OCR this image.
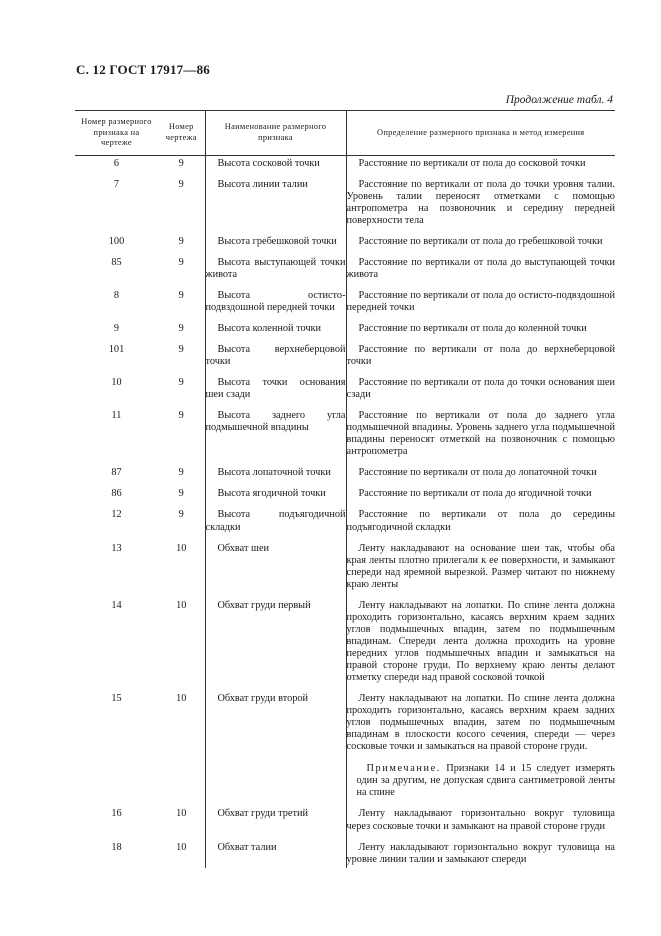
С. 12 ГОСТ 17917—86
Продолжение табл. 4
Номер размерного признака на чертеже	Номер чертежа	Наименование размерного признака	Определение размерного признака и метод измерения
6	9	Высота сосковой точки	Расстояние по вертикали от пола до сосковой точки

7	9	Высота линии талии	Расстояние по вертикали от пола до точки уровня талии. Уровень талии переносят отметками с помощью антропометра на позвоночник и середину передней поверхности тела

100	9	Высота гребешковой точки	Расстояние по вертикали от пола до гребешковой точки

85	9	Высота выступающей точки живота	Расстояние по вертикали от пола до выступающей точки живота

8	9	Высота остисто-подвздошной передней точки	Расстояние по вертикали от пола до остисто-подвздошной передней точки

9	9	Высота коленной точки	Расстояние по вертикали от пола до коленной точки

101	9	Высота верхнеберцовой точки	Расстояние по вертикали от пола до верхнеберцовой точки

10	9	Высота точки основания шеи сзади	Расстояние по вертикали от пола до точки основания шеи сзади

11	9	Высота заднего угла подмышечной впадины	Расстояние по вертикали от пола до заднего угла подмышечной впадины. Уровень заднего угла подмышечной впадины переносят отметкой на позвоночник с помощью антропометра

87	9	Высота лопаточной точки	Расстояние по вертикали от пола до лопаточной точки

86	9	Высота ягодичной точки	Расстояние по вертикали от пола до ягодичной точки

12	9	Высота подъягодичной складки	Расстояние по вертикали от пола до середины подъягодичной складки

13	10	Обхват шеи	Ленту накладывают на основание шеи так, чтобы оба края ленты плотно прилегали к ее поверхности, и замыкают спереди над яремной вырезкой. Размер читают по нижнему краю ленты

14	10	Обхват груди первый	Ленту накладывают на лопатки. По спине лента должна проходить горизонтально, касаясь верхним краем задних углов подмышечных впадин, затем по подмышечным впадинам. Спереди лента должна проходить на уровне передних углов подмышечных впадин и замыкаться на правой стороне груди. По верхнему краю ленты делают отметку спереди над правой сосковой точкой

15	10	Обхват груди второй	Ленту накладывают на лопатки. По спине лента должна проходить горизонтально, касаясь верхним краем задних углов подмышечных впадин, затем по подмышечным впадинам в плоскости косого сечения, спереди — через сосковые точки и замыкаться на правой стороне груди.
Примечание. Признаки 14 и 15 следует измерять один за другим, не допуская сдвига сантиметровой ленты на спине

16	10	Обхват груди третий	Ленту накладывают горизонтально вокруг туловища через сосковые точки и замыкают на правой стороне груди

18	10	Обхват талии	Ленту накладывают горизонтально вокруг туловища на уровне линии талии и замыкают спереди
